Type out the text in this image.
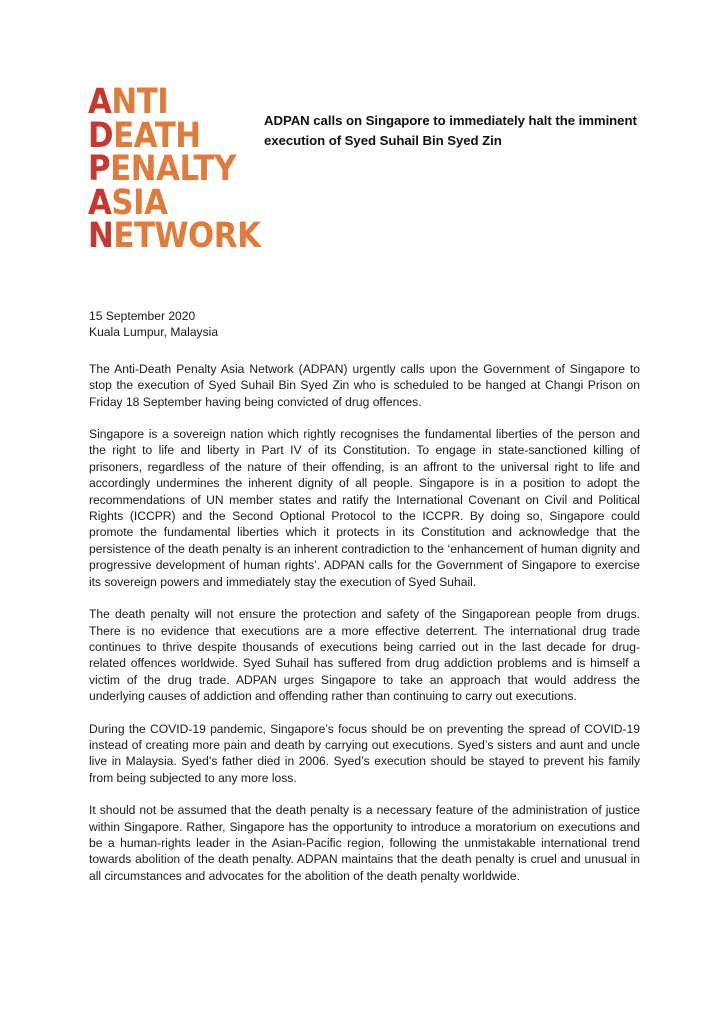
ANTI
DEATH
PENALTY
ASIA
NETWORK
ADPAN calls on Singapore to immediately halt the imminent execution of Syed Suhail Bin Syed Zin
15 September 2020
Kuala Lumpur, Malaysia

The Anti-Death Penalty Asia Network (ADPAN) urgently calls upon the Government of Singapore to stop the execution of Syed Suhail Bin Syed Zin who is scheduled to be hanged at Changi Prison on Friday 18 September having being convicted of drug offences.

Singapore is a sovereign nation which rightly recognises the fundamental liberties of the person and the right to life and liberty in Part IV of its Constitution. To engage in state-sanctioned killing of prisoners, regardless of the nature of their offending, is an affront to the universal right to life and accordingly undermines the inherent dignity of all people. Singapore is in a position to adopt the recommendations of UN member states and ratify the International Covenant on Civil and Political Rights (ICCPR) and the Second Optional Protocol to the ICCPR. By doing so, Singapore could promote the fundamental liberties which it protects in its Constitution and acknowledge that the persistence of the death penalty is an inherent contradiction to the ‘enhancement of human dignity and progressive development of human rights’. ADPAN calls for the Government of Singapore to exercise its sovereign powers and immediately stay the execution of Syed Suhail.

The death penalty will not ensure the protection and safety of the Singaporean people from drugs. There is no evidence that executions are a more effective deterrent. The international drug trade continues to thrive despite thousands of executions being carried out in the last decade for drug-related offences worldwide. Syed Suhail has suffered from drug addiction problems and is himself a victim of the drug trade. ADPAN urges Singapore to take an approach that would address the underlying causes of addiction and offending rather than continuing to carry out executions.

During the COVID-19 pandemic, Singapore’s focus should be on preventing the spread of COVID-19 instead of creating more pain and death by carrying out executions. Syed’s sisters and aunt and uncle live in Malaysia. Syed’s father died in 2006. Syed’s execution should be stayed to prevent his family from being subjected to any more loss.

It should not be assumed that the death penalty is a necessary feature of the administration of justice within Singapore. Rather, Singapore has the opportunity to introduce a moratorium on executions and be a human-rights leader in the Asian-Pacific region, following the unmistakable international trend towards abolition of the death penalty. ADPAN maintains that the death penalty is cruel and unusual in all circumstances and advocates for the abolition of the death penalty worldwide.
